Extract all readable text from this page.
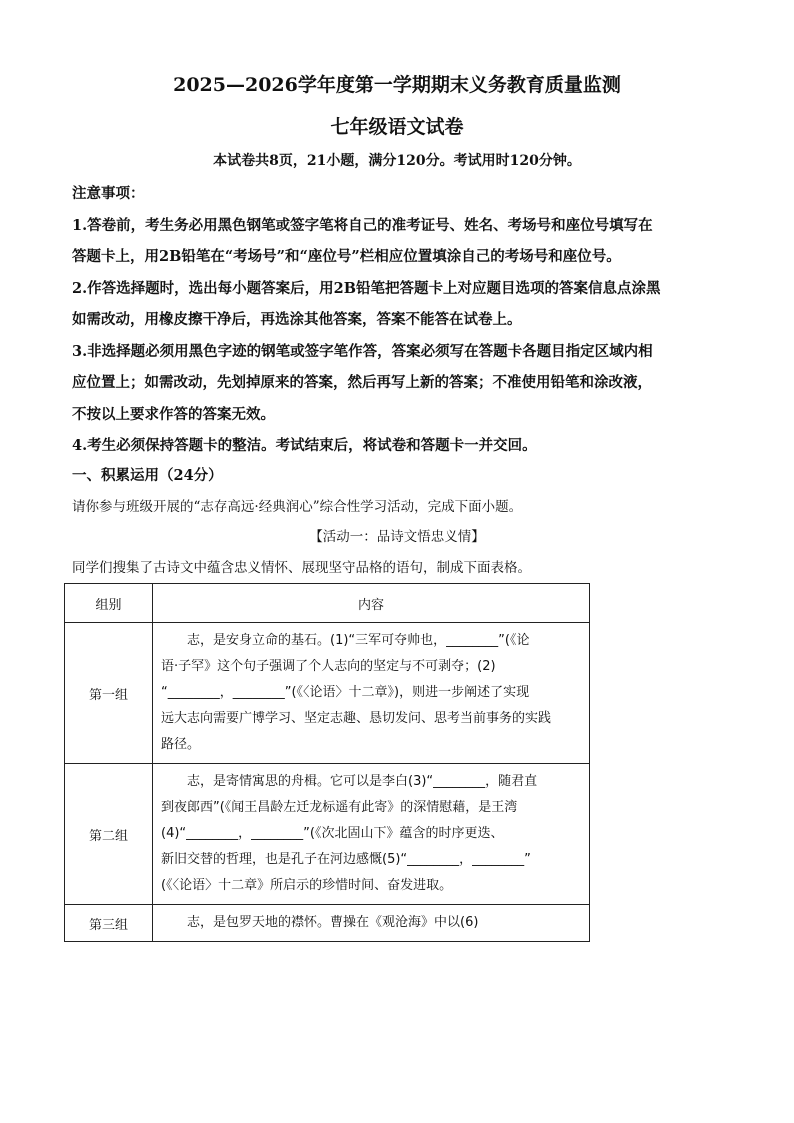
2025—2026学年度第一学期期末义务教育质量监测
七年级语文试卷
本试卷共8页，21小题，满分120分。考试用时120分钟。
注意事项：
1.答卷前，考生务必用黑色钢笔或签字笔将自己的准考证号、姓名、考场号和座位号填写在
答题卡上，用2B铅笔在“考场号”和“座位号”栏相应位置填涂自己的考场号和座位号。
2.作答选择题时，选出每小题答案后，用2B铅笔把答题卡上对应题目选项的答案信息点涂黑
如需改动，用橡皮擦干净后，再选涂其他答案，答案不能答在试卷上。
3.非选择题必须用黑色字迹的钢笔或签字笔作答，答案必须写在答题卡各题目指定区域内相
应位置上；如需改动，先划掉原来的答案，然后再写上新的答案；不准使用铅笔和涂改液，
不按以上要求作答的答案无效。
4.考生必须保持答题卡的整洁。考试结束后，将试卷和答题卡一并交回。
一、积累运用（24分）
请你参与班级开展的“志存高远·经典润心”综合性学习活动，完成下面小题。
【活动一：品诗文悟忠义情】
同学们搜集了古诗文中蕴含忠义情怀、展现坚守品格的语句，制成下面表格。
组别	内容
第一组	　　志，是安身立命的基石。(1)“三军可夺帅也，________”(《论

语·子罕》这个句子强调了个人志向的坚定与不可剥夺；(2)

“________，________”(《〈论语〉十二章》)，则进一步阐述了实现

远大志向需要广博学习、坚定志趣、恳切发问、思考当前事务的实践

路径。

第二组	　　志，是寄情寓思的舟楫。它可以是李白(3)“________，随君直

到夜郎西”(《闻王昌龄左迁龙标遥有此寄》的深情慰藉，是王湾

(4)“________，________”(《次北固山下》蕴含的时序更迭、

新旧交替的哲理，也是孔子在河边感慨(5)“________，________”

(《〈论语〉十二章》所启示的珍惜时间、奋发进取。

第三组	　　志，是包罗天地的襟怀。曹操在《观沧海》中以(6)
